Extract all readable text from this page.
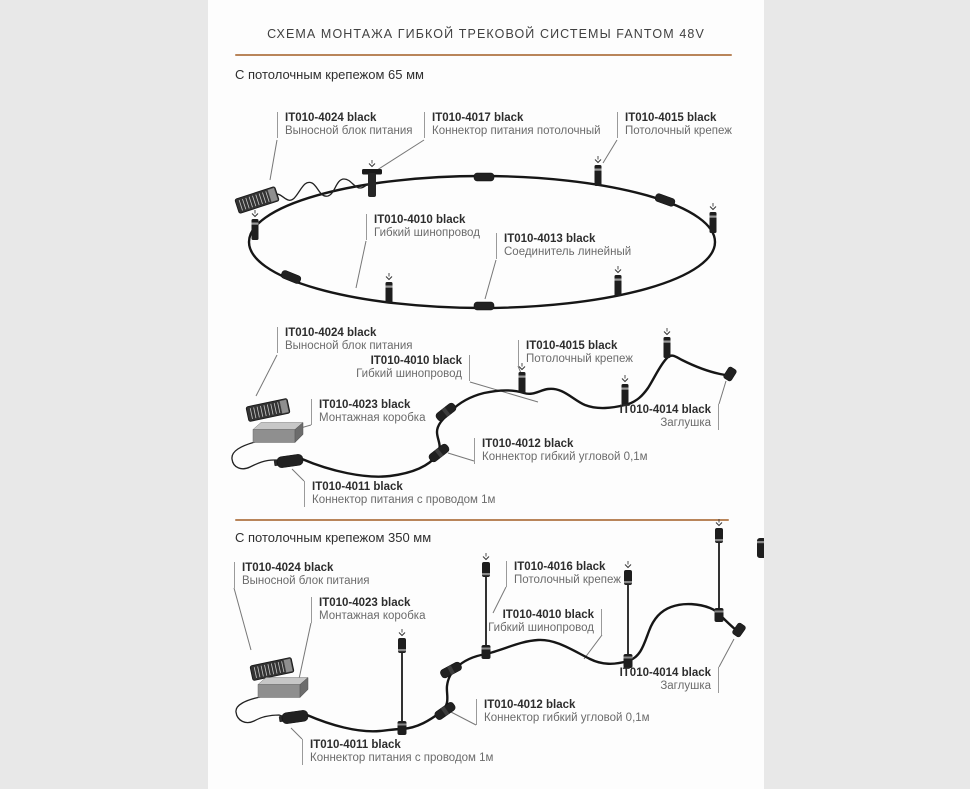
СХЕМА МОНТАЖА ГИБКОЙ ТРЕКОВОЙ СИСТЕМЫ FANTOM 48V
С потолочным крепежом 65 мм
С потолочным крепежом 350 мм
IT010-4024 black
Выносной блок питания
IT010-4017 black
Коннектор питания потолочный
IT010-4015 black
Потолочный крепеж
IT010-4010 black
Гибкий шинопровод IT010-4013 black
Соединитель линейный
IT010-4024 black
Выносной блок питания
IT010-4010 black
Гибкий шинопровод
IT010-4015 black
Потолочный крепеж
IT010-4023 black
Монтажная коробка
IT010-4014 black
Заглушка
IT010-4012 black
Коннектор гибкий угловой 0,1м
IT010-4011 black
Коннектор питания с проводом 1м
IT010-4024 black
Выносной блок питания
IT010-4016 black
Потолочный крепеж
IT010-4023 black
Монтажная коробка	IT010-4010 black
Гибкий шинопровод
IT010-4014 black
Заглушка
IT010-4012 black
Коннектор гибкий угловой 0,1м
IT010-4011 black
Коннектор питания с проводом 1м
